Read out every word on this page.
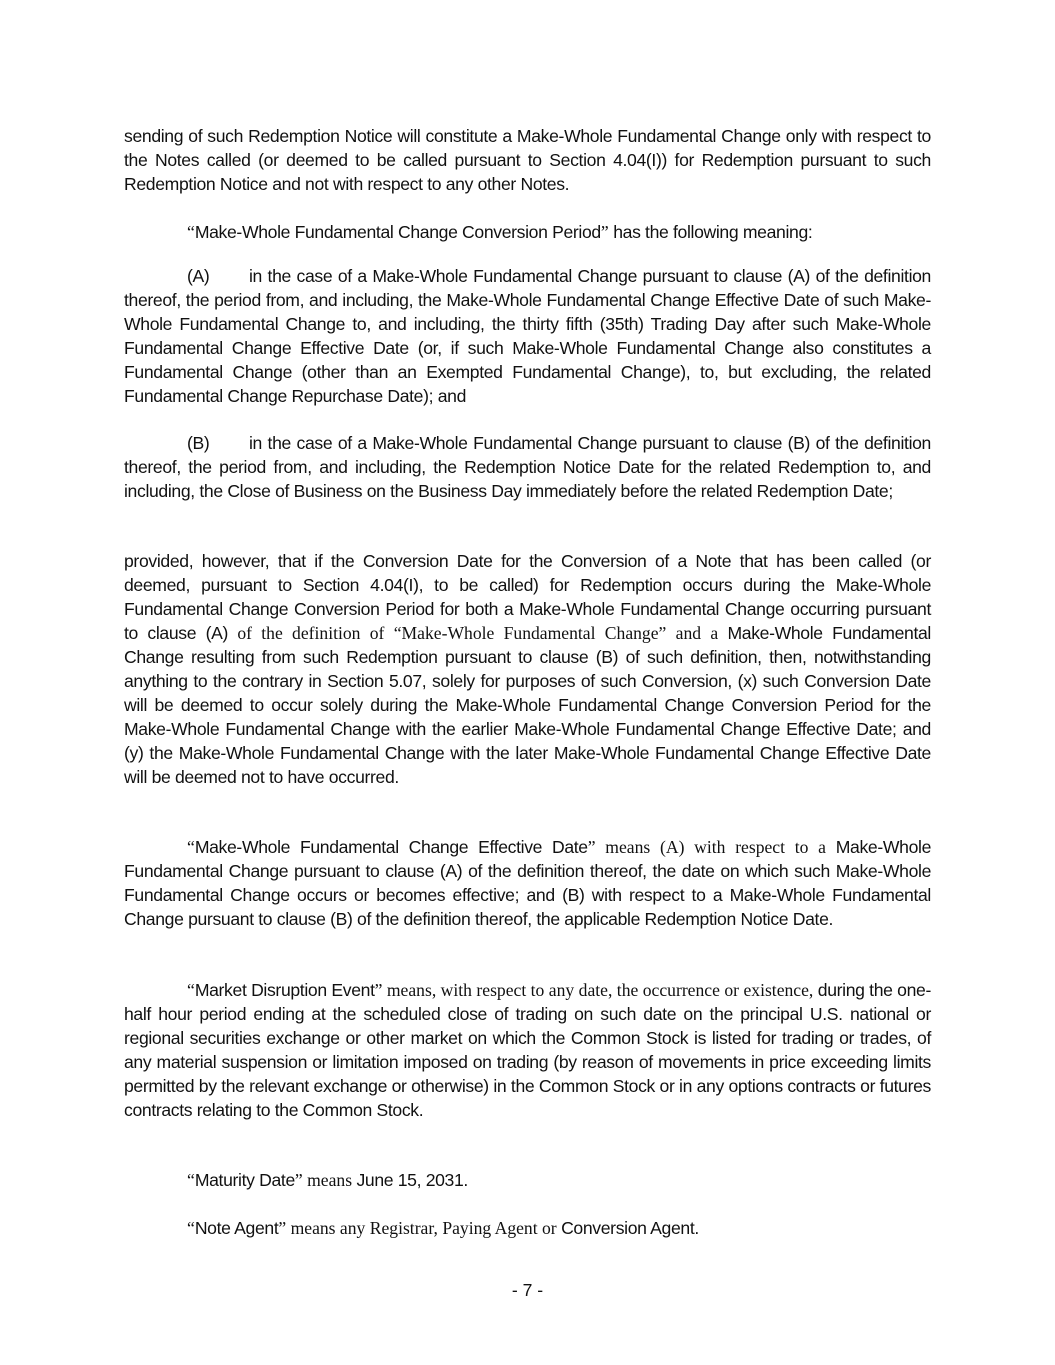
sending of such Redemption Notice will constitute a Make-Whole Fundamental Change only with respect to the Notes called (or deemed to be called pursuant to Section 4.04(I)) for Redemption pursuant to such Redemption Notice and not with respect to any other Notes.
“Make-Whole Fundamental Change Conversion Period” has the following meaning:
(A) in the case of a Make-Whole Fundamental Change pursuant to clause (A) of the definition thereof, the period from, and including, the Make-Whole Fundamental Change Effective Date of such Make-Whole Fundamental Change to, and including, the thirty fifth (35th) Trading Day after such Make-Whole Fundamental Change Effective Date (or, if such Make-Whole Fundamental Change also constitutes a Fundamental Change (other than an Exempted Fundamental Change), to, but excluding, the related Fundamental Change Repurchase Date); and
(B) in the case of a Make-Whole Fundamental Change pursuant to clause (B) of the definition thereof, the period from, and including, the Redemption Notice Date for the related Redemption to, and including, the Close of Business on the Business Day immediately before the related Redemption Date;
provided, however, that if the Conversion Date for the Conversion of a Note that has been called (or deemed, pursuant to Section 4.04(I), to be called) for Redemption occurs during the Make-Whole Fundamental Change Conversion Period for both a Make-Whole Fundamental Change occurring pursuant to clause (A) of the definition of “Make-Whole Fundamental Change” and a Make-Whole Fundamental Change resulting from such Redemption pursuant to clause (B) of such definition, then, notwithstanding anything to the contrary in Section 5.07, solely for purposes of such Conversion, (x) such Conversion Date will be deemed to occur solely during the Make-Whole Fundamental Change Conversion Period for the Make-Whole Fundamental Change with the earlier Make-Whole Fundamental Change Effective Date; and (y) the Make-Whole Fundamental Change with the later Make-Whole Fundamental Change Effective Date will be deemed not to have occurred.
“Make-Whole Fundamental Change Effective Date” means (A) with respect to a Make-Whole Fundamental Change pursuant to clause (A) of the definition thereof, the date on which such Make-Whole Fundamental Change occurs or becomes effective; and (B) with respect to a Make-Whole Fundamental Change pursuant to clause (B) of the definition thereof, the applicable Redemption Notice Date.
“Market Disruption Event” means, with respect to any date, the occurrence or existence, during the one-half hour period ending at the scheduled close of trading on such date on the principal U.S. national or regional securities exchange or other market on which the Common Stock is listed for trading or trades, of any material suspension or limitation imposed on trading (by reason of movements in price exceeding limits permitted by the relevant exchange or otherwise) in the Common Stock or in any options contracts or futures contracts relating to the Common Stock.
“Maturity Date” means June 15, 2031.
“Note Agent” means any Registrar, Paying Agent or Conversion Agent.
- 7 -
